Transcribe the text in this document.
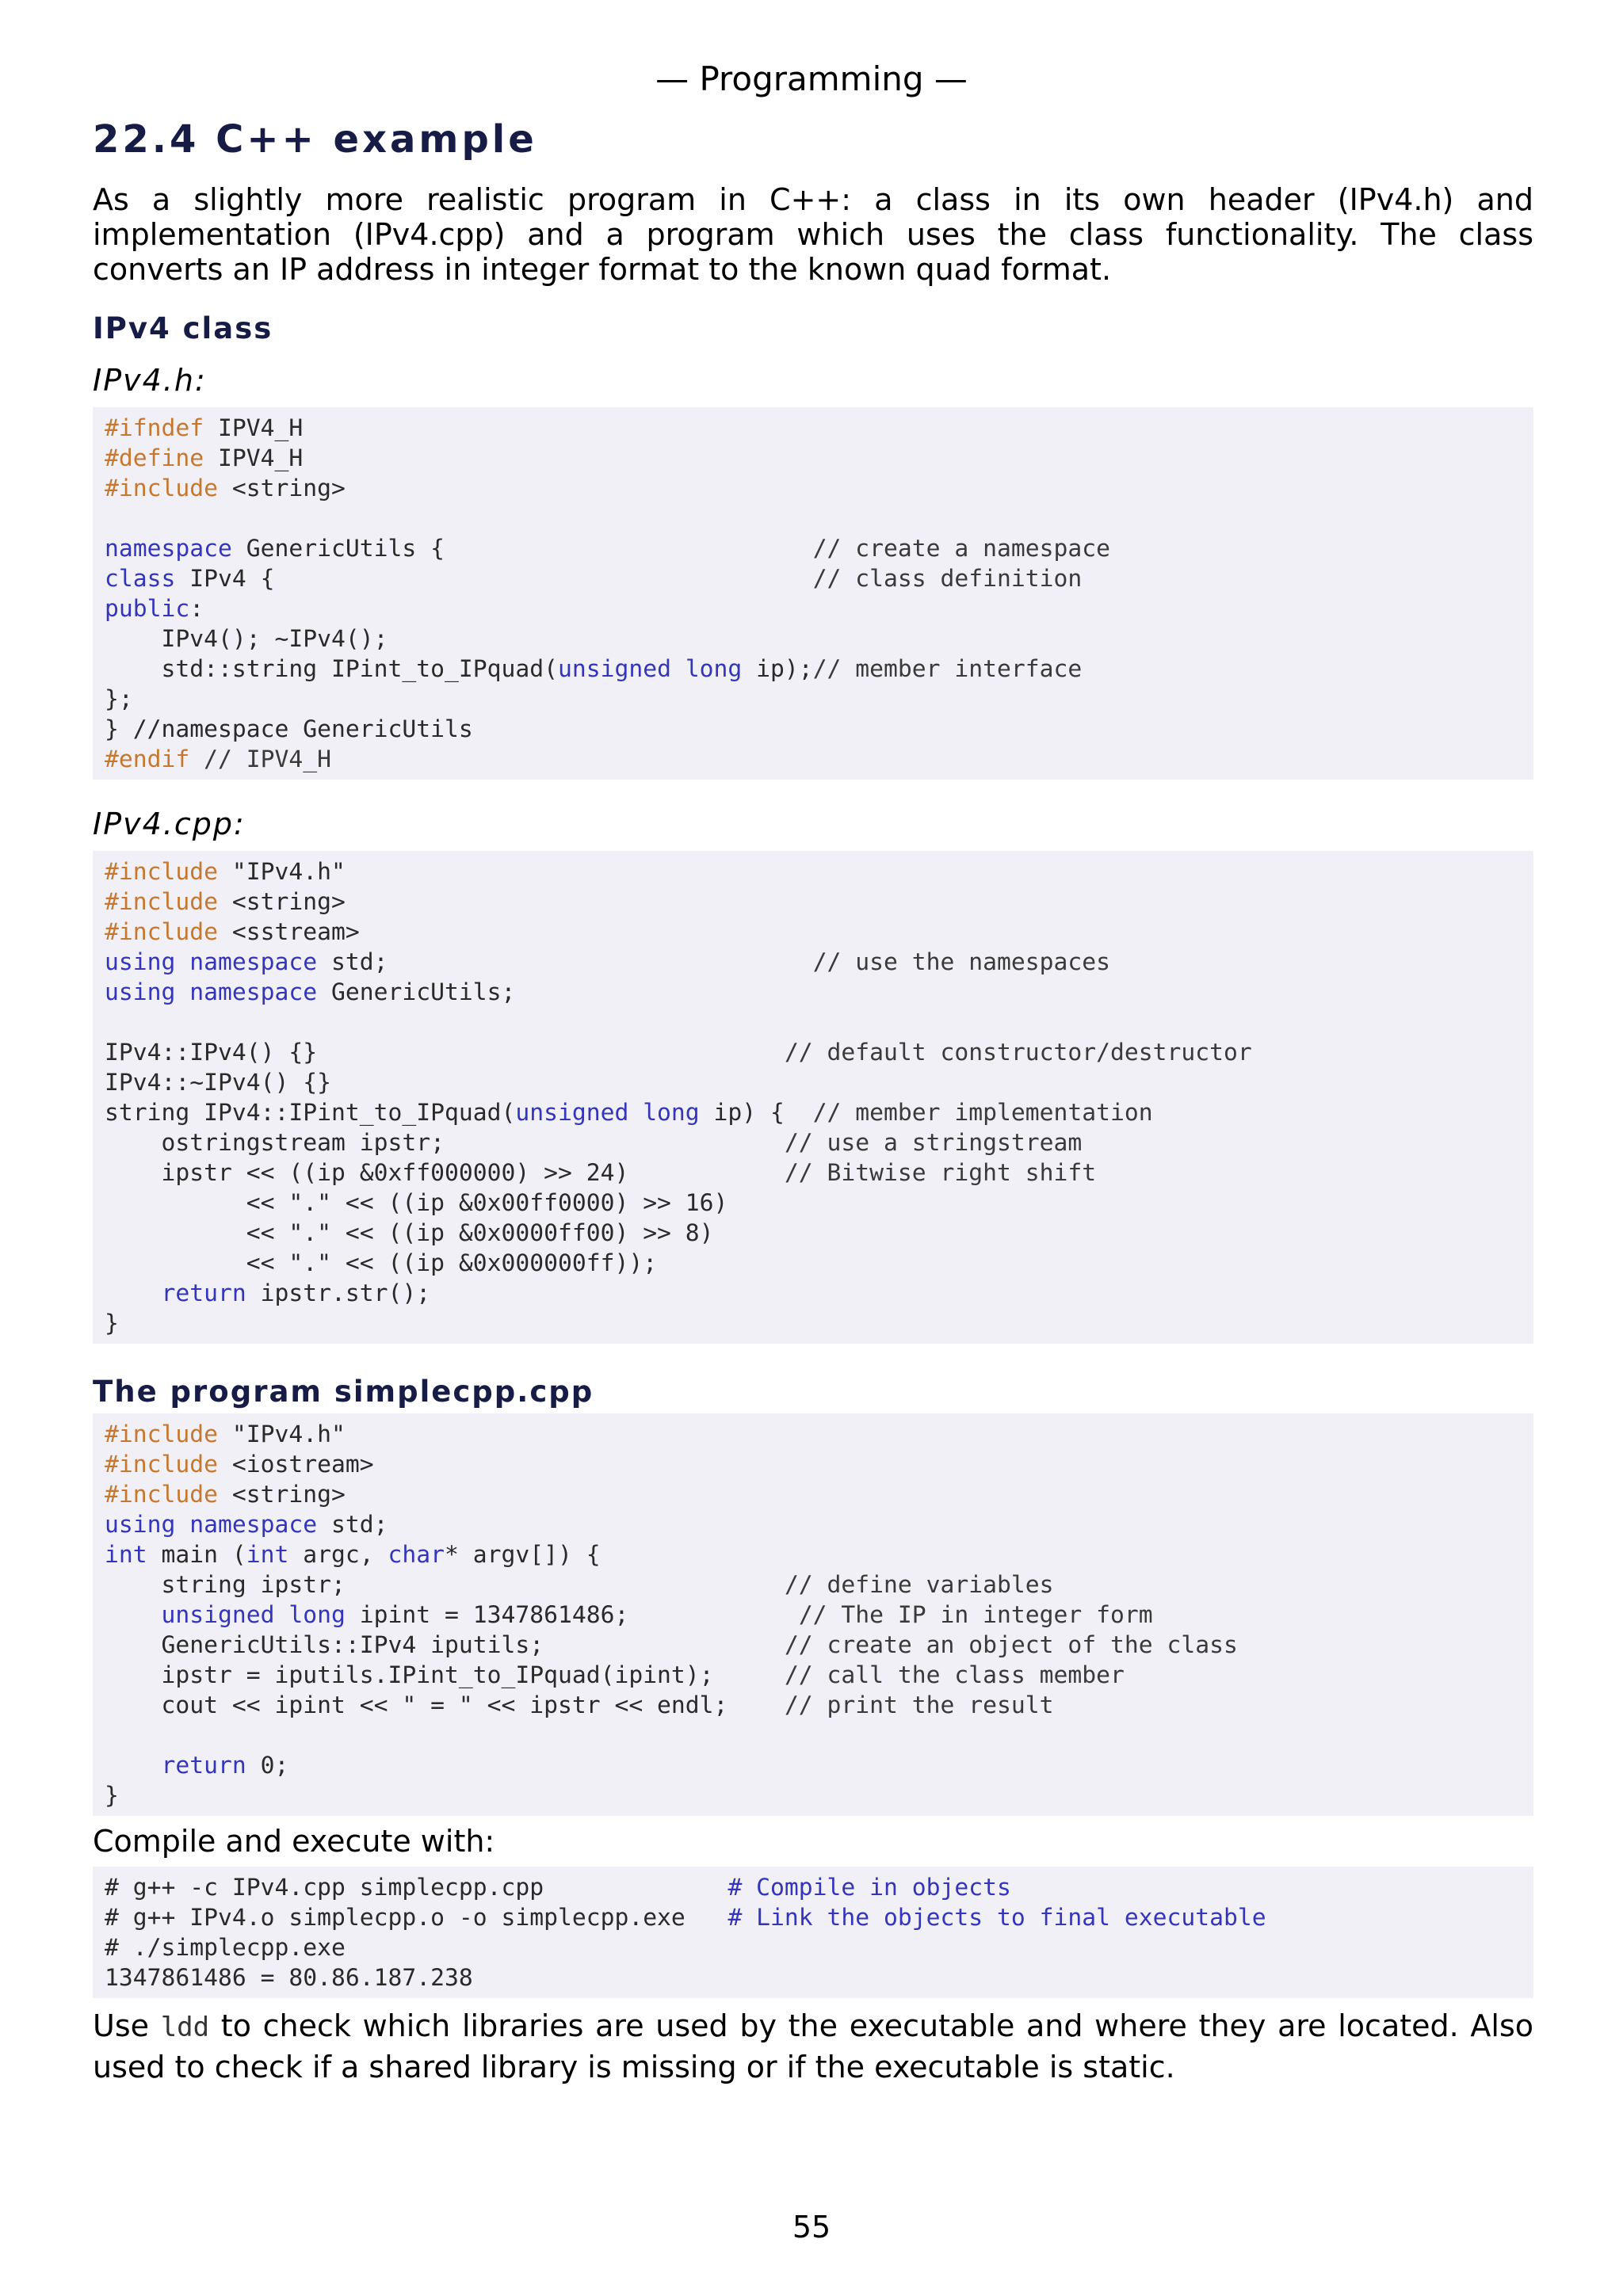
— Programming —
22.4 C++ example

As a slightly more realistic program in C++: a class in its own header (IPv4.h) and implementation (IPv4.cpp) and a program which uses the class functionality. The class converts an IP address in integer format to the known quad format.

IPv4 class
IPv4.h:
#ifndef IPV4_H
#define IPV4_H
#include <string>
namespace GenericUtils {                          // create a namespace
class IPv4 {                                      // class definition
public:
IPv4(); ~IPv4();
std::string IPint_to_IPquad(unsigned long ip);// member interface
};
} //namespace GenericUtils
#endif // IPV4_H
IPv4.cpp:
#include "IPv4.h"
#include <string>
#include <sstream>
using namespace std;                              // use the namespaces
using namespace GenericUtils;
IPv4::IPv4() {}                                 // default constructor/destructor
IPv4::~IPv4() {}
string IPv4::IPint_to_IPquad(unsigned long ip) {  // member implementation
ostringstream ipstr;                        // use a stringstream
ipstr << ((ip &0xff000000) >> 24)           // Bitwise right shift
<< "." << ((ip &0x00ff0000) >> 16)
<< "." << ((ip &0x0000ff00) >> 8)
<< "." << ((ip &0x000000ff));
return ipstr.str();
}
The program simplecpp.cpp
#include "IPv4.h"
#include <iostream>
#include <string>
using namespace std;
int main (int argc, char* argv[]) {
string ipstr;                               // define variables
unsigned long ipint = 1347861486;            // The IP in integer form
GenericUtils::IPv4 iputils;                 // create an object of the class
ipstr = iputils.IPint_to_IPquad(ipint);     // call the class member
cout << ipint << " = " << ipstr << endl;    // print the result
return 0;
}

Compile and execute with:

# g++ -c IPv4.cpp simplecpp.cpp             # Compile in objects
# g++ IPv4.o simplecpp.o -o simplecpp.exe   # Link the objects to final executable
# ./simplecpp.exe
1347861486 = 80.86.187.238

Use ldd to check which libraries are used by the executable and where they are located. Also used to check if a shared library is missing or if the executable is static.

55
